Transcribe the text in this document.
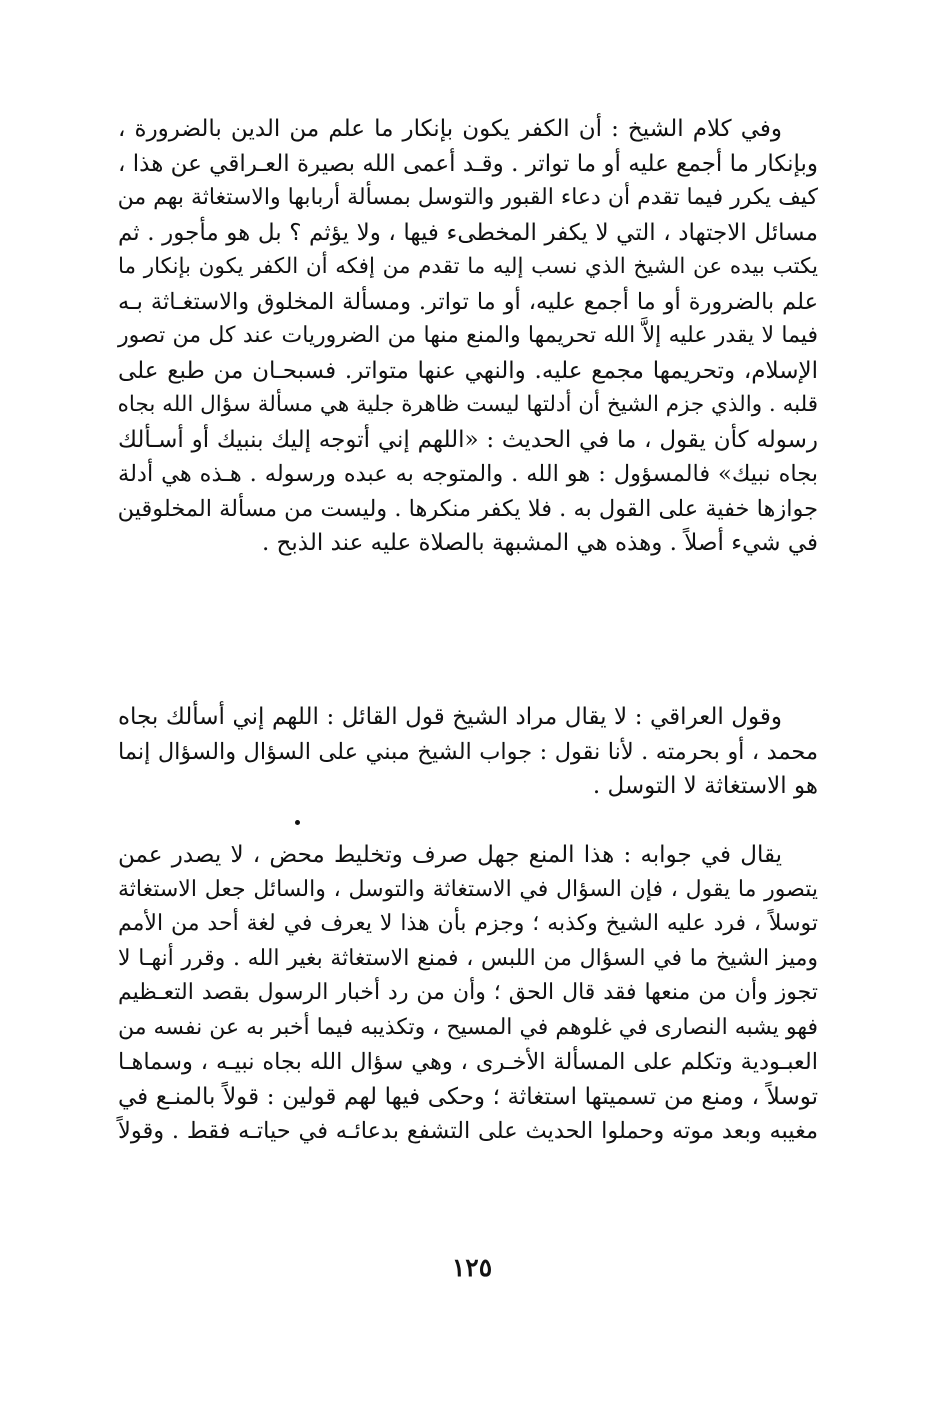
وفي كلام الشيخ : أن الكفر يكون بإنكار ما علم من الدين بالضرورة ،
وبإنكار ما أجمع عليه أو ما تواتر . وقـد أعمى الله بصيرة العـراقي عن هذا ،
كيف يكرر فيما تقدم أن دعاء القبور والتوسل بمسألة أربابها والاستغاثة بهم من
مسائل الاجتهاد ، التي لا يكفر المخطىء فيها ، ولا يؤثم ؟ بل هو مأجور . ثم
يكتب بيده عن الشيخ الذي نسب إليه ما تقدم من إفكه أن الكفر يكون بإنكار ما
علم بالضرورة أو ما أجمع عليه، أو ما تواتر. ومسألة المخلوق والاستغـاثة بـه
فيما لا يقدر عليه إلاَّ الله تحريمها والمنع منها من الضروريات عند كل من تصور
الإسلام، وتحريمها مجمع عليه. والنهي عنها متواتر. فسبحـان من طبع على
قلبه . والذي جزم الشيخ أن أدلتها ليست ظاهرة جلية هي مسألة سؤال الله بجاه
رسوله كأن يقول ، ما في الحديث : «اللهم إني أتوجه إليك بنبيك أو أسـألك
بجاه نبيك» فالمسؤول : هو الله . والمتوجه به عبده ورسوله . هـذه هي أدلة
جوازها خفية على القول به . فلا يكفر منكرها . وليست من مسألة المخلوقين
في شيء أصلاً . وهذه هي المشبهة بالصلاة عليه عند الذبح .

وقول العراقي : لا يقال مراد الشيخ قول القائل : اللهم إني أسألك بجاه
محمد ، أو بحرمته . لأنا نقول : جواب الشيخ مبني على السؤال والسؤال إنما
هو الاستغاثة لا التوسل .

يقال في جوابه : هذا المنع جهل صرف وتخليط محض ، لا يصدر عمن
يتصور ما يقول ، فإن السؤال في الاستغاثة والتوسل ، والسائل جعل الاستغاثة
توسلاً ، فرد عليه الشيخ وكذبه ؛ وجزم بأن هذا لا يعرف في لغة أحد من الأمم
وميز الشيخ ما في السؤال من اللبس ، فمنع الاستغاثة بغير الله . وقرر أنهـا لا
تجوز وأن من منعها فقد قال الحق ؛ وأن من رد أخبار الرسول بقصد التعـظيم
فهو يشبه النصارى في غلوهم في المسيح ، وتكذيبه فيما أخبر به عن نفسه من
العبـودية وتكلم على المسألة الأخـرى ، وهي سؤال الله بجاه نبيـه ، وسماهـا
توسلاً ، ومنع من تسميتها استغاثة ؛ وحكى فيها لهم قولين : قولاً بالمنـع في
مغيبه وبعد موته وحملوا الحديث على التشفع بدعائـه في حياتـه فقط . وقولاً

١٢٥
